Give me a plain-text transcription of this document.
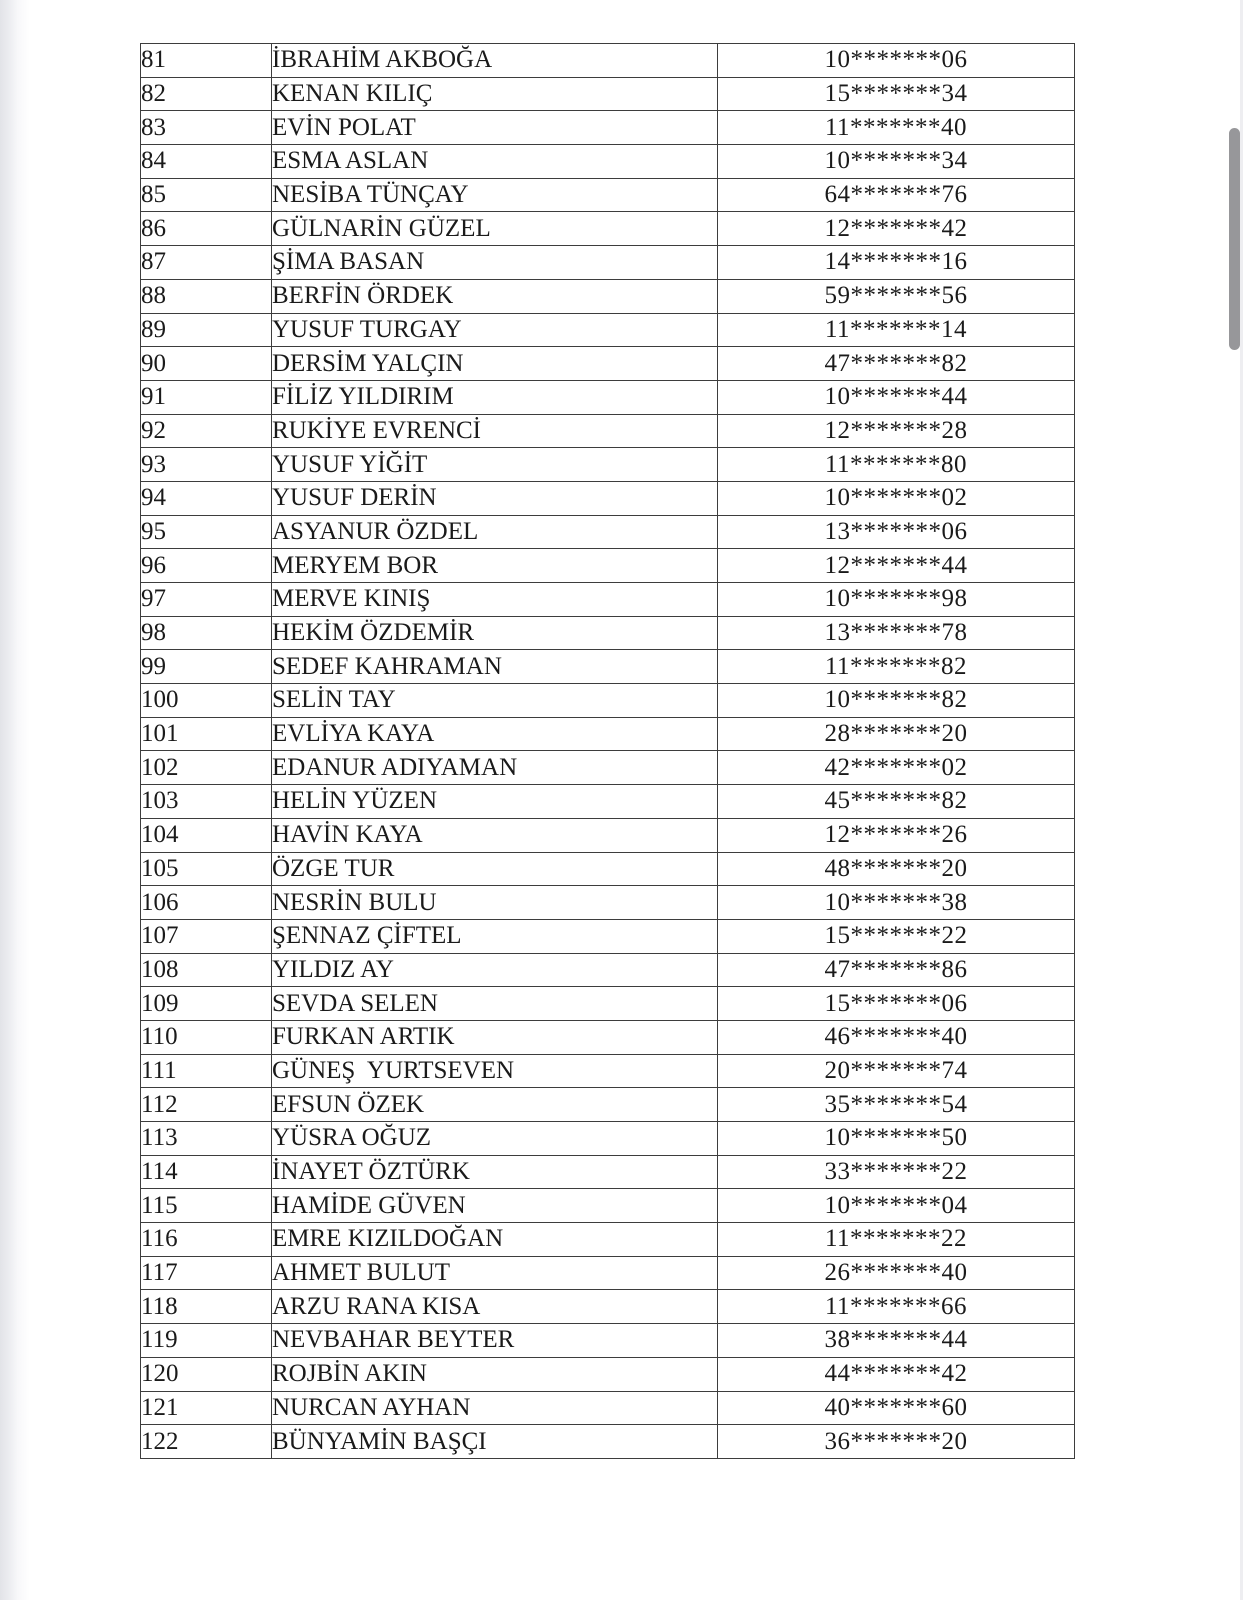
81	İBRAHİM AKBOĞA	10*******06
82	KENAN KILIÇ	15*******34
83	EVİN POLAT	11*******40
84	ESMA ASLAN	10*******34
85	NESİBA TÜNÇAY	64*******76
86	GÜLNARİN GÜZEL	12*******42
87	ŞİMA BASAN	14*******16
88	BERFİN ÖRDEK	59*******56
89	YUSUF TURGAY	11*******14
90	DERSİM YALÇIN	47*******82
91	FİLİZ YILDIRIM	10*******44
92	RUKİYE EVRENCİ	12*******28
93	YUSUF YİĞİT	11*******80
94	YUSUF DERİN	10*******02
95	ASYANUR ÖZDEL	13*******06
96	MERYEM BOR	12*******44
97	MERVE KINIŞ	10*******98
98	HEKİM ÖZDEMİR	13*******78
99	SEDEF KAHRAMAN	11*******82
100	SELİN TAY	10*******82
101	EVLİYA KAYA	28*******20
102	EDANUR ADIYAMAN	42*******02
103	HELİN YÜZEN	45*******82
104	HAVİN KAYA	12*******26
105	ÖZGE TUR	48*******20
106	NESRİN BULU	10*******38
107	ŞENNAZ ÇİFTEL	15*******22
108	YILDIZ AY	47*******86
109	SEVDA SELEN	15*******06
110	FURKAN ARTIK	46*******40
111	GÜNEŞ  YURTSEVEN	20*******74
112	EFSUN ÖZEK	35*******54
113	YÜSRA OĞUZ	10*******50
114	İNAYET ÖZTÜRK	33*******22
115	HAMİDE GÜVEN	10*******04
116	EMRE KIZILDOĞAN	11*******22
117	AHMET BULUT	26*******40
118	ARZU RANA KISA	11*******66
119	NEVBAHAR BEYTER	38*******44
120	ROJBİN AKIN	44*******42
121	NURCAN AYHAN	40*******60
122	BÜNYAMİN BAŞÇI	36*******20
